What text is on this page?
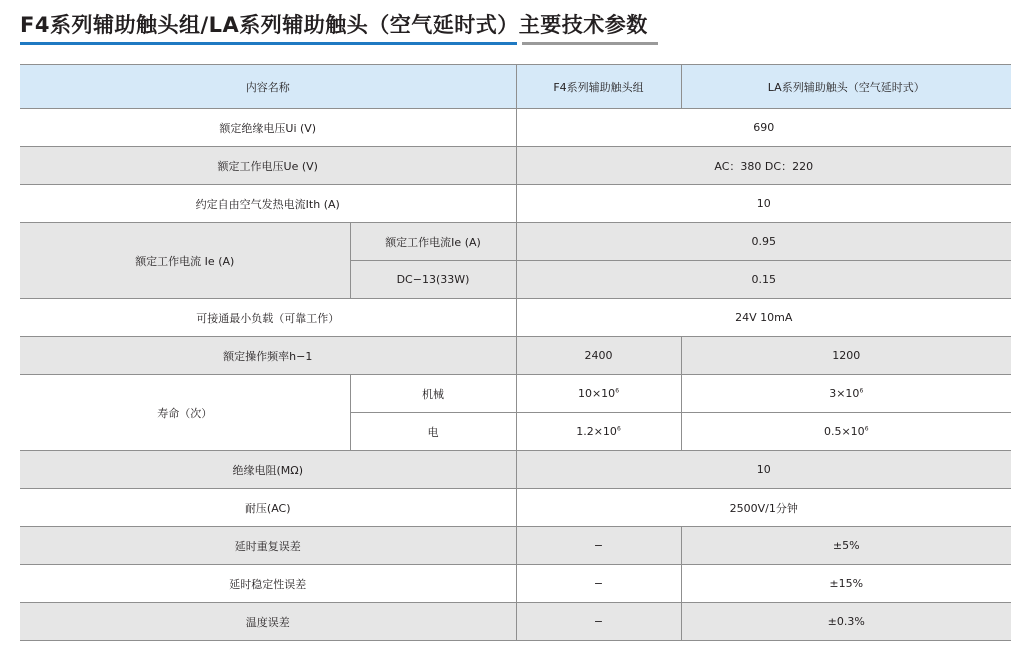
F4系列辅助触头组/LA系列辅助触头（空气延时式）主要技术参数
内容名称		F4系列辅助触头组	LA系列辅助触头（空气延时式）
额定绝缘电压Ui (V)		690	
额定工作电压Ue (V)		AC：380 DC：220	
约定自由空气发热电流Ith (A)		10	
额定工作电流 Ie (A)	额定工作电流Ie (A)	0.95	
	DC−13(33W)	0.15	
可接通最小负载（可靠工作）		24V 10mA	
额定操作频率h−1		2400	1200
寿命（次）	机械	$10\times 10^6$	$3\times 10^6$
	电	$1.2\times 10^6$	$0.5\times 10^6$
绝缘电阻(MΩ)		10	
耐压(AC)		2500V/1分钟	
延时重复误差		−	±5%
延时稳定性误差		−	±15%
温度误差		−	±0.3%
